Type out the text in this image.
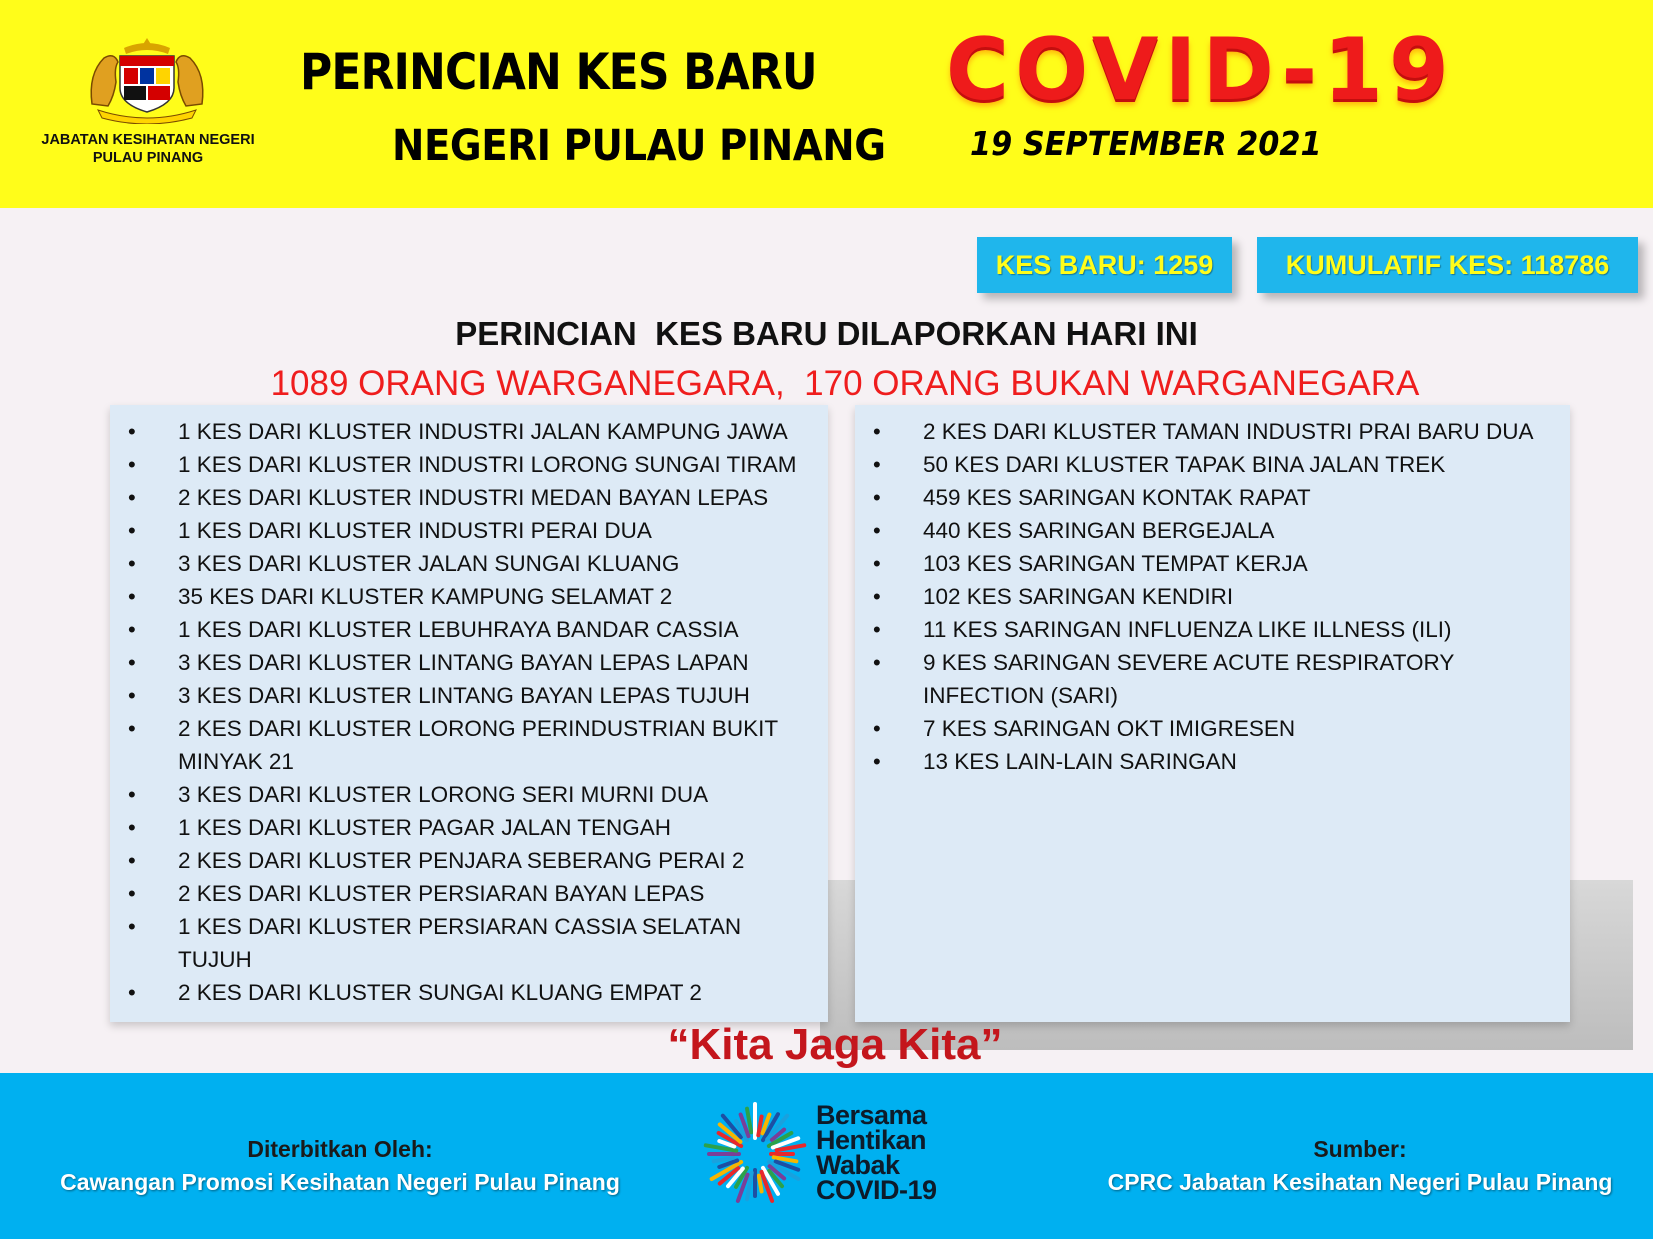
JABATAN KESIHATAN NEGERI
PULAU PINANG
PERINCIAN KES BARU	COVID-19
NEGERI PULAU PINANG	19 SEPTEMBER 2021
KES BARU: 1259	KUMULATIF KES: 118786
PERINCIAN  KES BARU DILAPORKAN HARI INI
1089 ORANG WARGANEGARA,  170 ORANG BUKAN WARGANEGARA
• 1 KES DARI KLUSTER INDUSTRI JALAN KAMPUNG JAWA
• 1 KES DARI KLUSTER INDUSTRI LORONG SUNGAI TIRAM
• 2 KES DARI KLUSTER INDUSTRI MEDAN BAYAN LEPAS
• 1 KES DARI KLUSTER INDUSTRI PERAI DUA
• 3 KES DARI KLUSTER JALAN SUNGAI KLUANG
• 35 KES DARI KLUSTER KAMPUNG SELAMAT 2
• 1 KES DARI KLUSTER LEBUHRAYA BANDAR CASSIA
• 3 KES DARI KLUSTER LINTANG BAYAN LEPAS LAPAN
• 3 KES DARI KLUSTER LINTANG BAYAN LEPAS TUJUH
• 2 KES DARI KLUSTER LORONG PERINDUSTRIAN BUKIT MINYAK 21
• 3 KES DARI KLUSTER LORONG SERI MURNI DUA
• 1 KES DARI KLUSTER PAGAR JALAN TENGAH
• 2 KES DARI KLUSTER PENJARA SEBERANG PERAI 2
• 2 KES DARI KLUSTER PERSIARAN BAYAN LEPAS
• 1 KES DARI KLUSTER PERSIARAN CASSIA SELATAN TUJUH
• 2 KES DARI KLUSTER SUNGAI KLUANG EMPAT 2
• 2 KES DARI KLUSTER TAMAN INDUSTRI PRAI BARU DUA
• 50 KES DARI KLUSTER TAPAK BINA JALAN TREK
• 459 KES SARINGAN KONTAK RAPAT
• 440 KES SARINGAN BERGEJALA
• 103 KES SARINGAN TEMPAT KERJA
• 102 KES SARINGAN KENDIRI
• 11 KES SARINGAN INFLUENZA LIKE ILLNESS (ILI)
• 9 KES SARINGAN SEVERE ACUTE RESPIRATORY INFECTION (SARI)
• 7 KES SARINGAN OKT IMIGRESEN
• 13 KES LAIN-LAIN SARINGAN
“Kita Jaga Kita”
Diterbitkan Oleh:
Cawangan Promosi Kesihatan Negeri Pulau Pinang
Bersama
Hentikan
Wabak
COVID-19
Sumber:
CPRC Jabatan Kesihatan Negeri Pulau Pinang
